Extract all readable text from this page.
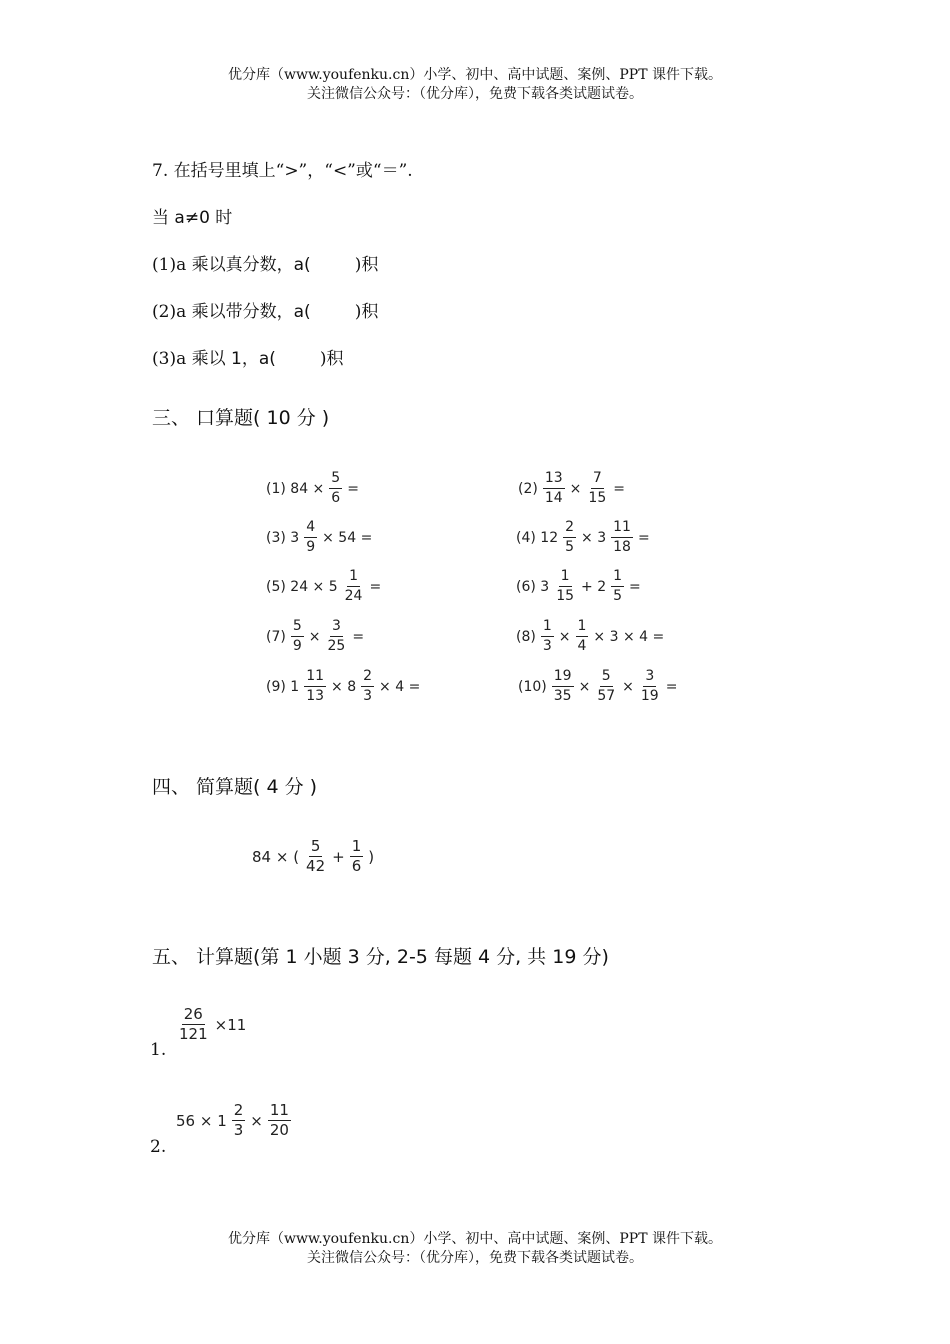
优分库（www.youfenku.cn）小学、初中、高中试题、案例、PPT 课件下载。
关注微信公众号：（优分库），免费下载各类试题试卷。
7. 在括号里填上“>”，“<”或“＝”.
当 a≠0 时
(1)a 乘以真分数，a(	)积
(2)a 乘以带分数，a(	)积
(3)a 乘以 1，a(	)积
三、 口算题( 10 分 )
(1) $84 \times \frac{5}{6}$ =	$(2) \frac{13}{14} \times \frac{7}{15}$ =
(3) $3 \frac{4}{9} \times 54$ =	(4) $12 \frac{2}{5} \times 3 \frac{11}{18}$ =
(5) $24 \times 5 \frac{1}{24}$ =	(6) $3 \frac{1}{15} + 2 \frac{1}{5}$ =
$(7) \frac{5}{9} \times \frac{3}{25}$ =	$(8) \frac{1}{3} \times \frac{1}{4} \times 3 \times 4$ =
(9) $1 \frac{11}{13} \times 8 \frac{2}{3} \times 4$ =	$(10) \frac{19}{35} \times \frac{5}{57} \times \frac{3}{19}$ =
四、 简算题( 4 分 )
84 × ( $\frac{5}{42} + \frac{1}{6}$ )
五、 计算题(第 1 小题 3 分, 2-5 每题 4 分, 共 19 分)
1.
$\frac{26}{121} \times 11$
2.
$56 \times 1 \frac{2}{3} \times \frac{11}{20}$
优分库（www.youfenku.cn）小学、初中、高中试题、案例、PPT 课件下载。
关注微信公众号：（优分库），免费下载各类试题试卷。
